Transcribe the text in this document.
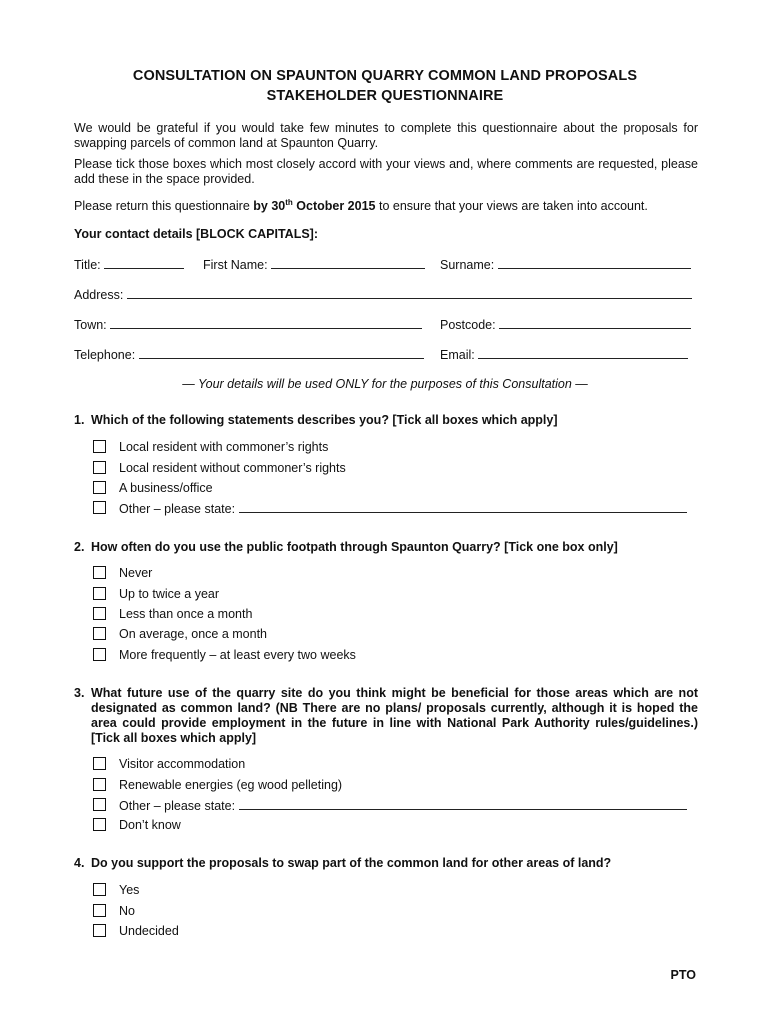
CONSULTATION ON SPAUNTON QUARRY COMMON LAND PROPOSALS
STAKEHOLDER QUESTIONNAIRE

We would be grateful if you would take few minutes to complete this questionnaire about the proposals for swapping parcels of common land at Spaunton Quarry.

Please tick those boxes which most closely accord with your views and, where comments are requested, please add these in the space provided.

Please return this questionnaire by 30th October 2015 to ensure that your views are taken into account.

Your contact details [BLOCK CAPITALS]:
Title:	First Name:	Surname:
Address:
Town:	Postcode:
Telephone:	Email:
— Your details will be used ONLY for the purposes of this Consultation —
1. Which of the following statements describes you? [Tick all boxes which apply]
Local resident with commoner’s rights
Local resident without commoner’s rights
A business/office
Other – please state:
2. How often do you use the public footpath through Spaunton Quarry? [Tick one box only]
Never
Up to twice a year
Less than once a month
On average, once a month
More frequently – at least every two weeks
3. What future use of the quarry site do you think might be beneficial for those areas which are not designated as common land? (NB There are no plans/ proposals currently, although it is hoped the area could provide employment in the future in line with National Park Authority rules/guidelines.) [Tick all boxes which apply]
Visitor accommodation
Renewable energies (eg wood pelleting)
Other – please state:
Don’t know
4. Do you support the proposals to swap part of the common land for other areas of land?
Yes
No
Undecided
PTO
